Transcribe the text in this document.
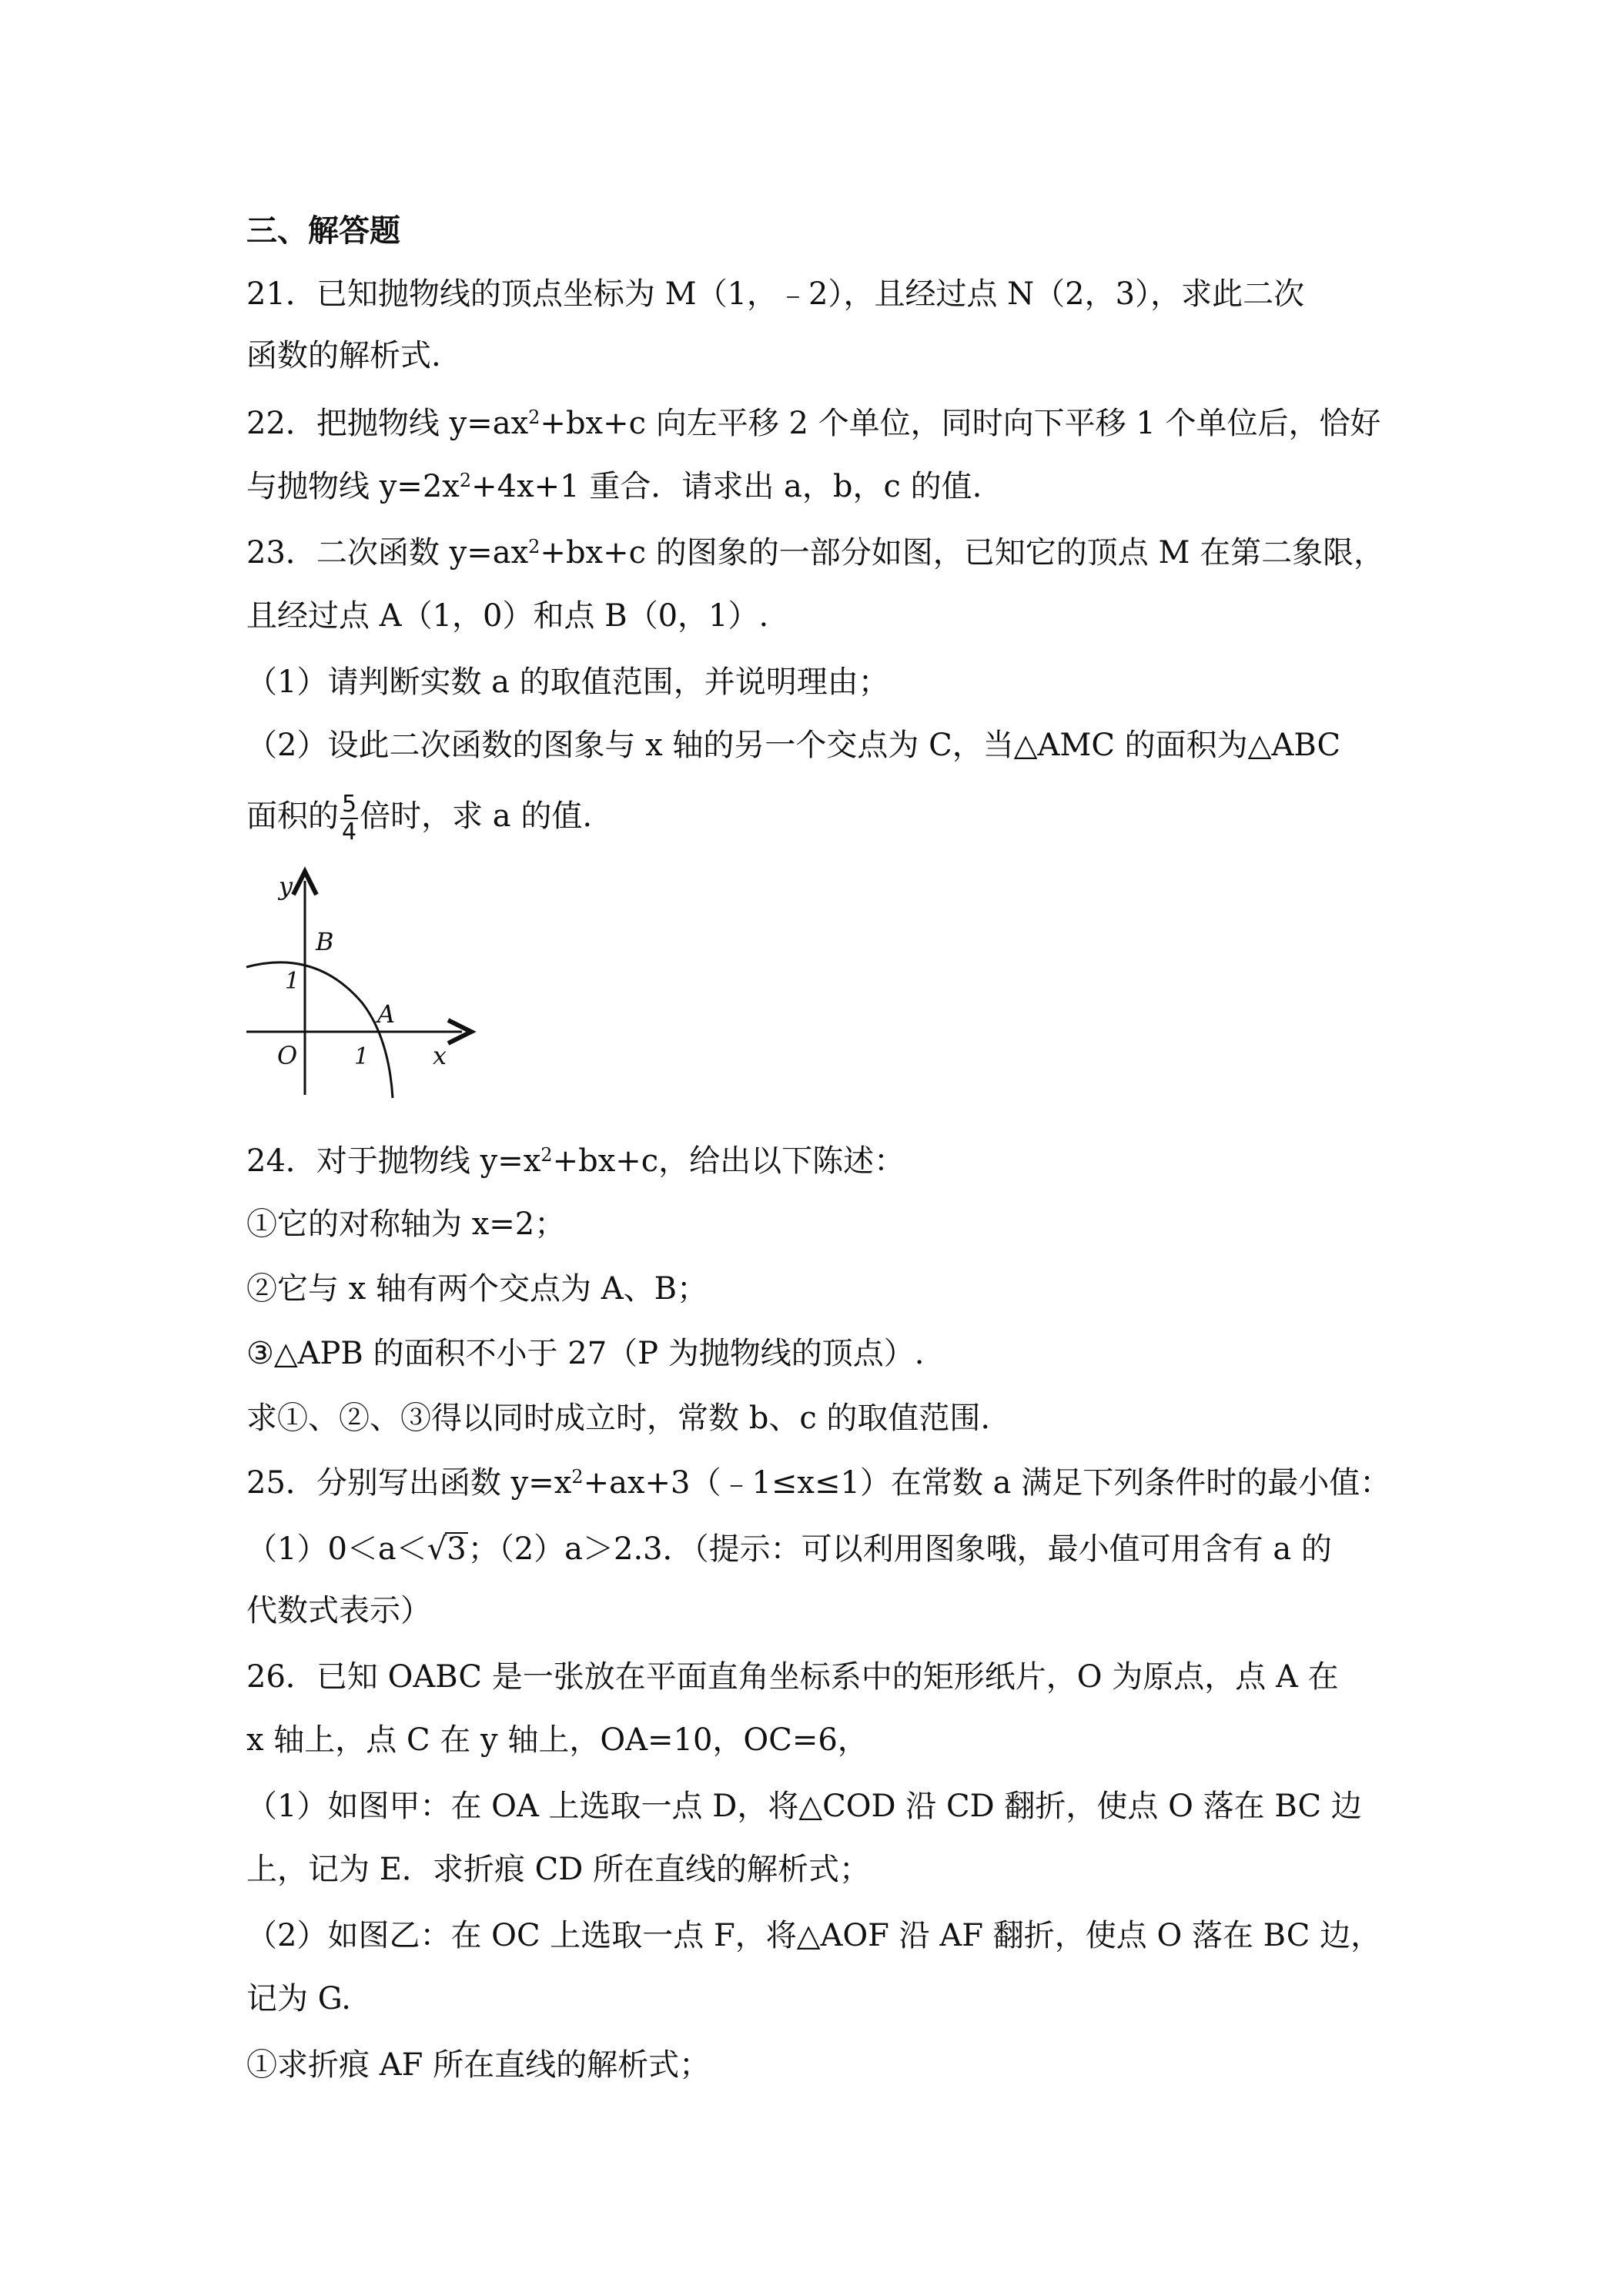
三、解答题
21．已知抛物线的顶点坐标为 M（1，﹣2），且经过点 N（2，3），求此二次
函数的解析式.
22．把抛物线 $y=ax^2+bx+c$ 向左平移 2 个单位，同时向下平移 1 个单位后，恰好
与抛物线 $y=2x^2+4x+1$ 重合．请求出 a，b，c 的值.
23．二次函数 $y=ax^2+bx+c$ 的图象的一部分如图，已知它的顶点 M 在第二象限，
且经过点 A（1，0）和点 B（0，1）.
（1）请判断实数 a 的取值范围，并说明理由；
（2）设此二次函数的图象与 x 轴的另一个交点为 C，当△AMC 的面积为△ABC
面积的 $\frac{5}{4}$ 倍时，求 a 的值.
y
B
1
A
O 1	x
24．对于抛物线 $y=x^2+bx+c$，给出以下陈述：
①它的对称轴为 x=2；
②它与 x 轴有两个交点为 A、B；
③△APB 的面积不小于 27（P 为抛物线的顶点）.
求①、②、③得以同时成立时，常数 b、c 的取值范围.
25．分别写出函数 $y=x^2+ax+3(﹣1\le x\le 1)$在常数 a 满足下列条件时的最小值：
（1）0＜a＜√3；（2）a＞2.3．（提示：可以利用图象哦，最小值可用含有 a 的
代数式表示）
26．已知 OABC 是一张放在平面直角坐标系中的矩形纸片，O 为原点，点 A 在
x 轴上，点 C 在 y 轴上，OA=10，OC=6，
（1）如图甲：在 OA 上选取一点 D，将△COD 沿 CD 翻折，使点 O 落在 BC 边
上，记为 E．求折痕 CD 所在直线的解析式；
（2）如图乙：在 OC 上选取一点 F，将△AOF 沿 AF 翻折，使点 O 落在 BC 边，
记为 G.
①求折痕 AF 所在直线的解析式；
